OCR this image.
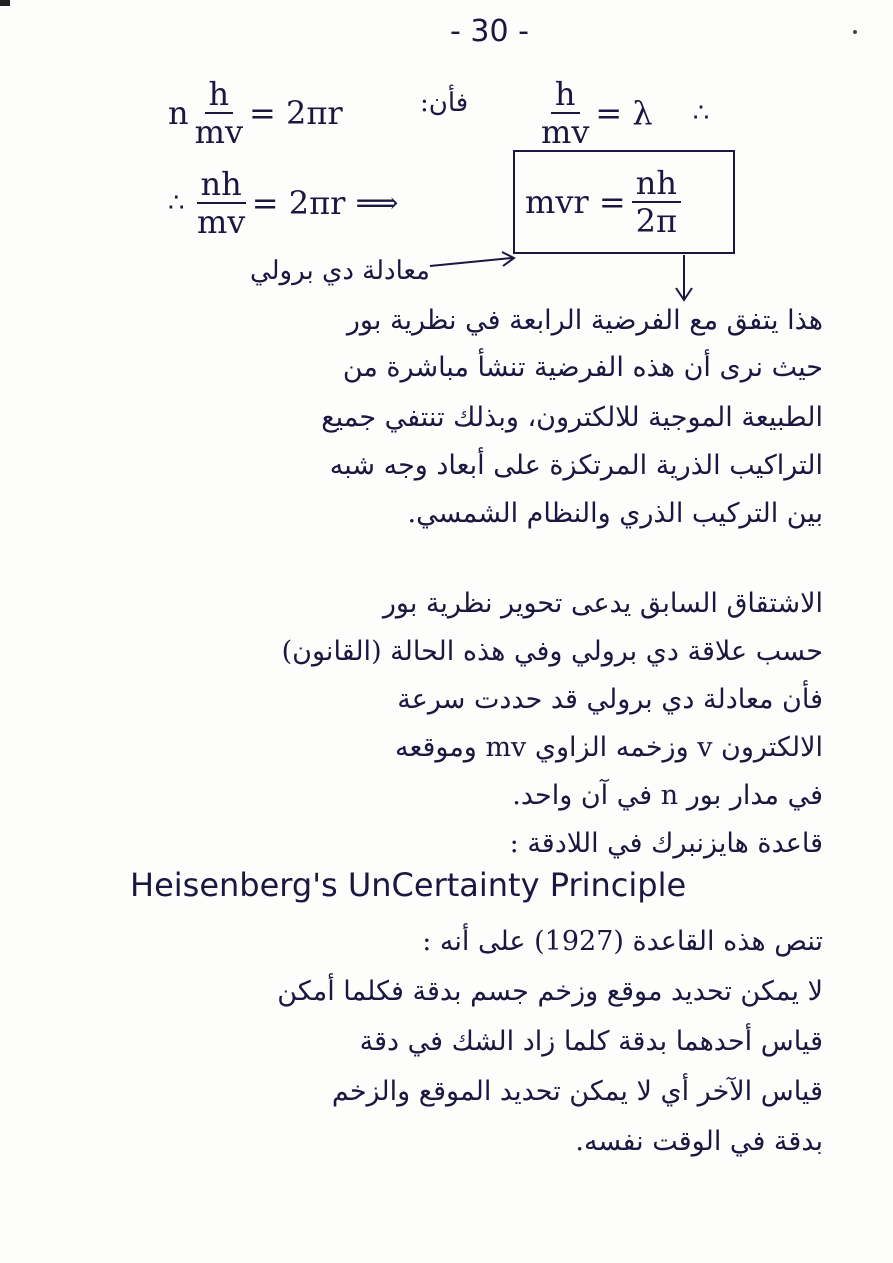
- 30 -
n $\frac{h}{mv} = 2\pi r$	فأن: $\frac{h}{mv} = \lambda$ ∴
∴ $\frac{nh}{mv} = 2\pi r$ ⟹	mvr = $\frac{nh}{2\pi}$
معادلة دي برولي
هذا يتفق مع الفرضية الرابعة في نظرية بور
حيث نرى أن هذه الفرضية تنشأ مباشرة من
الطبيعة الموجية للالكترون، وبذلك تنتفي جميع
التراكيب الذرية المرتكزة على أبعاد وجه شبه
بين التركيب الذري والنظام الشمسي.
الاشتقاق السابق يدعى تحوير نظرية بور
حسب علاقة دي برولي وفي هذه الحالة (القانون)
فأن معادلة دي برولي قد حددت سرعة
الالكترون v وزخمه الزاوي mv وموقعه
في مدار بور n في آن واحد.
قاعدة هايزنبرك في اللادقة :
Heisenberg's UnCertainty Principle
تنص هذه القاعدة (1927) على أنه :
لا يمكن تحديد موقع وزخم جسم بدقة فكلما أمكن
قياس أحدهما بدقة كلما زاد الشك في دقة
قياس الآخر أي لا يمكن تحديد الموقع والزخم
بدقة في الوقت نفسه.
